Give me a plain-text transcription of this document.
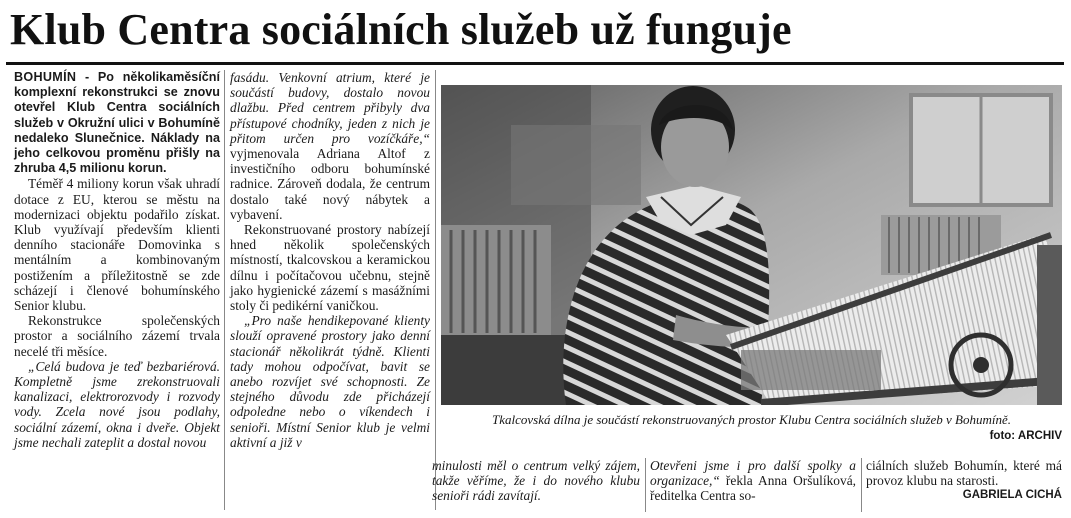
Klub Centra sociálních služeb už funguje

BOHUMÍN - Po několikaměsíční komplexní rekonstrukci se znovu otevřel Klub Centra sociálních služeb v Okružní ulici v Bohumíně nedaleko Slunečnice. Náklady na jeho celkovou proměnu přišly na zhruba 4,5 milionu korun.

Téměř 4 miliony korun však uhradí dotace z EU, kterou se městu na modernizaci objektu podařilo získat. Klub využívají především klienti denního stacionáře Domovinka s mentálním a kombinovaným postižením a příležitostně se zde scházejí i členové bohumínského Senior klubu.

Rekonstrukce společenských prostor a sociálního zázemí trvala necelé tři měsíce.

„Celá budova je teď bezbariérová. Kompletně jsme zrekonstruovali kanalizaci, elektrorozvody i rozvody vody. Zcela nové jsou podlahy, sociální zázemí, okna i dveře. Objekt jsme nechali zateplit a dostal novou

fasádu. Venkovní atrium, které je součástí budovy, dostalo novou dlažbu. Před centrem přibyly dva přístupové chodníky, jeden z nich je přitom určen pro vozíčkáře,“ vyjmenovala Adriana Altof z investičního odboru bohumínské radnice. Zároveň dodala, že centrum dostalo také nový nábytek a vybavení.

Rekonstruované prostory nabízejí hned několik společenských místností, tkalcovskou a keramickou dílnu i počítačovou učebnu, stejně jako hygienické zázemí s masážními stoly či pedikérní vaničkou.

„Pro naše hendikepované klienty slouží opravené prostory jako denní stacionář několikrát týdně. Klienti tady mohou odpočívat, bavit se anebo rozvíjet své schopnosti. Ze stejného důvodu zde přicházejí odpoledne nebo o víkendech i senioři. Místní Senior klub je velmi aktivní a již v

Tkalcovská dílna je součástí rekonstruovaných prostor Klubu Centra sociálních služeb v Bohumíně.
foto: ARCHIV

minulosti měl o centrum velký zájem, takže věříme, že i do nového klubu senioři rádi zavítají.

Otevřeni jsme i pro další spolky a organizace,“ řekla Anna Oršulíková, ředitelka Centra so-

ciálních služeb Bohumín, které má provoz klubu na starosti.

GABRIELA CICHÁ
